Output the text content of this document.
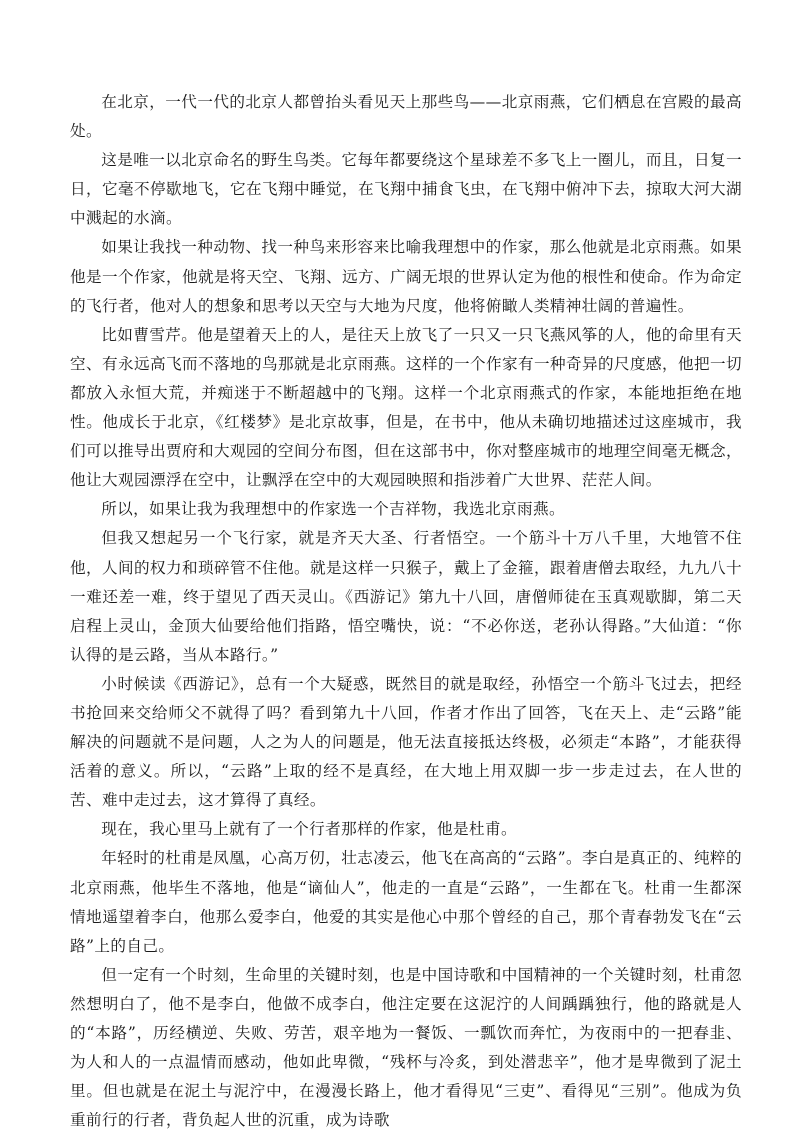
在北京，一代一代的北京人都曾抬头看见天上那些鸟——北京雨燕，它们栖息在宫殿的最高处。

这是唯一以北京命名的野生鸟类。它每年都要绕这个星球差不多飞上一圈儿，而且，日复一日，它毫不停歇地飞，它在飞翔中睡觉，在飞翔中捕食飞虫，在飞翔中俯冲下去，掠取大河大湖中溅起的水滴。

如果让我找一种动物、找一种鸟来形容来比喻我理想中的作家，那么他就是北京雨燕。如果他是一个作家，他就是将天空、飞翔、远方、广阔无垠的世界认定为他的根性和使命。作为命定的飞行者，他对人的想象和思考以天空与大地为尺度，他将俯瞰人类精神壮阔的普遍性。

比如曹雪芹。他是望着天上的人，是往天上放飞了一只又一只飞燕风筝的人，他的命里有天空、有永远高飞而不落地的鸟那就是北京雨燕。这样的一个作家有一种奇异的尺度感，他把一切都放入永恒大荒，并痴迷于不断超越中的飞翔。这样一个北京雨燕式的作家，本能地拒绝在地性。他成长于北京，《红楼梦》是北京故事，但是，在书中，他从未确切地描述过这座城市，我们可以推导出贾府和大观园的空间分布图，但在这部书中，你对整座城市的地理空间毫无概念，他让大观园漂浮在空中，让飘浮在空中的大观园映照和指涉着广大世界、茫茫人间。

所以，如果让我为我理想中的作家选一个吉祥物，我选北京雨燕。

但我又想起另一个飞行家，就是齐天大圣、行者悟空。一个筋斗十万八千里，大地管不住他，人间的权力和琐碎管不住他。就是这样一只猴子，戴上了金箍，跟着唐僧去取经，九九八十一难还差一难，终于望见了西天灵山。《西游记》第九十八回，唐僧师徒在玉真观歇脚，第二天启程上灵山，金顶大仙要给他们指路，悟空嘴快，说：“不必你送，老孙认得路。”大仙道：“你认得的是云路，当从本路行。”

小时候读《西游记》，总有一个大疑惑，既然目的就是取经，孙悟空一个筋斗飞过去，把经书抢回来交给师父不就得了吗？看到第九十八回，作者才作出了回答，飞在天上、走“云路”能解决的问题就不是问题，人之为人的问题是，他无法直接抵达终极，必须走“本路”，才能获得活着的意义。所以，“云路”上取的经不是真经，在大地上用双脚一步一步走过去，在人世的苦、难中走过去，这才算得了真经。

现在，我心里马上就有了一个行者那样的作家，他是杜甫。

年轻时的杜甫是凤凰，心高万仞，壮志凌云，他飞在高高的“云路”。李白是真正的、纯粹的北京雨燕，他毕生不落地，他是“谪仙人”，他走的一直是“云路”，一生都在飞。杜甫一生都深情地遥望着李白，他那么爱李白，他爱的其实是他心中那个曾经的自己，那个青春勃发飞在“云路”上的自己。

但一定有一个时刻，生命里的关键时刻，也是中国诗歌和中国精神的一个关键时刻，杜甫忽然想明白了，他不是李白，他做不成李白，他注定要在这泥泞的人间踽踽独行，他的路就是人的“本路”，历经横逆、失败、劳苦，艰辛地为一餐饭、一瓢饮而奔忙，为夜雨中的一把春韭、为人和人的一点温情而感动，他如此卑微，“残杯与冷炙，到处潜悲辛”，他才是卑微到了泥土里。但也就是在泥土与泥泞中，在漫漫长路上，他才看得见“三吏”、看得见“三别”。他成为负重前行的行者，背负起人世的沉重，成为诗歌
